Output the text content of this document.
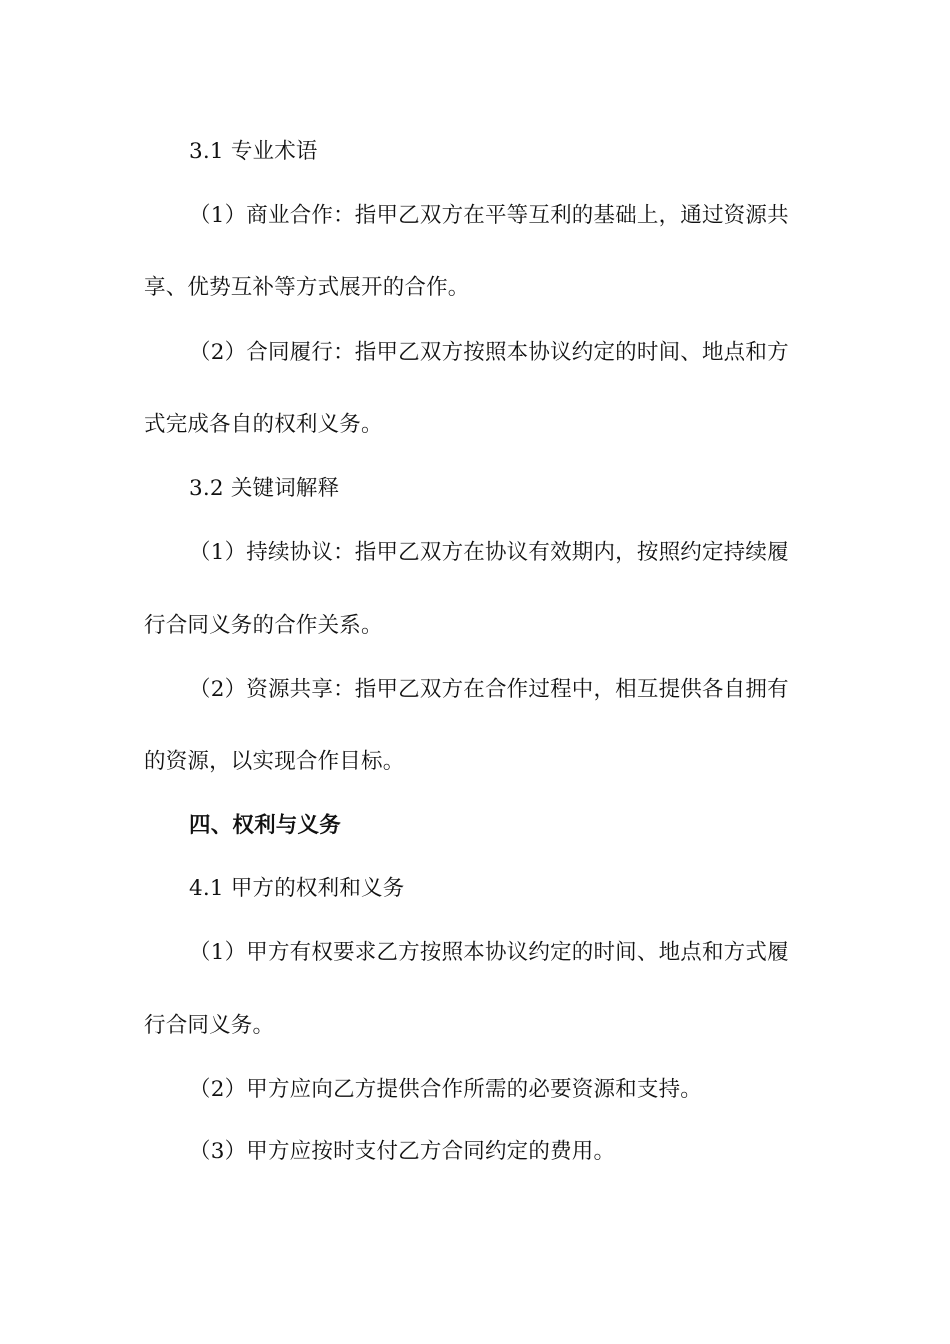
3.1 专业术语
（1）商业合作：指甲乙双方在平等互利的基础上，通过资源共
享、优势互补等方式展开的合作。
（2）合同履行：指甲乙双方按照本协议约定的时间、地点和方
式完成各自的权利义务。
3.2 关键词解释
（1）持续协议：指甲乙双方在协议有效期内，按照约定持续履
行合同义务的合作关系。
（2）资源共享：指甲乙双方在合作过程中，相互提供各自拥有
的资源，以实现合作目标。
四、权利与义务
4.1 甲方的权利和义务
（1）甲方有权要求乙方按照本协议约定的时间、地点和方式履
行合同义务。
（2）甲方应向乙方提供合作所需的必要资源和支持。
（3）甲方应按时支付乙方合同约定的费用。
